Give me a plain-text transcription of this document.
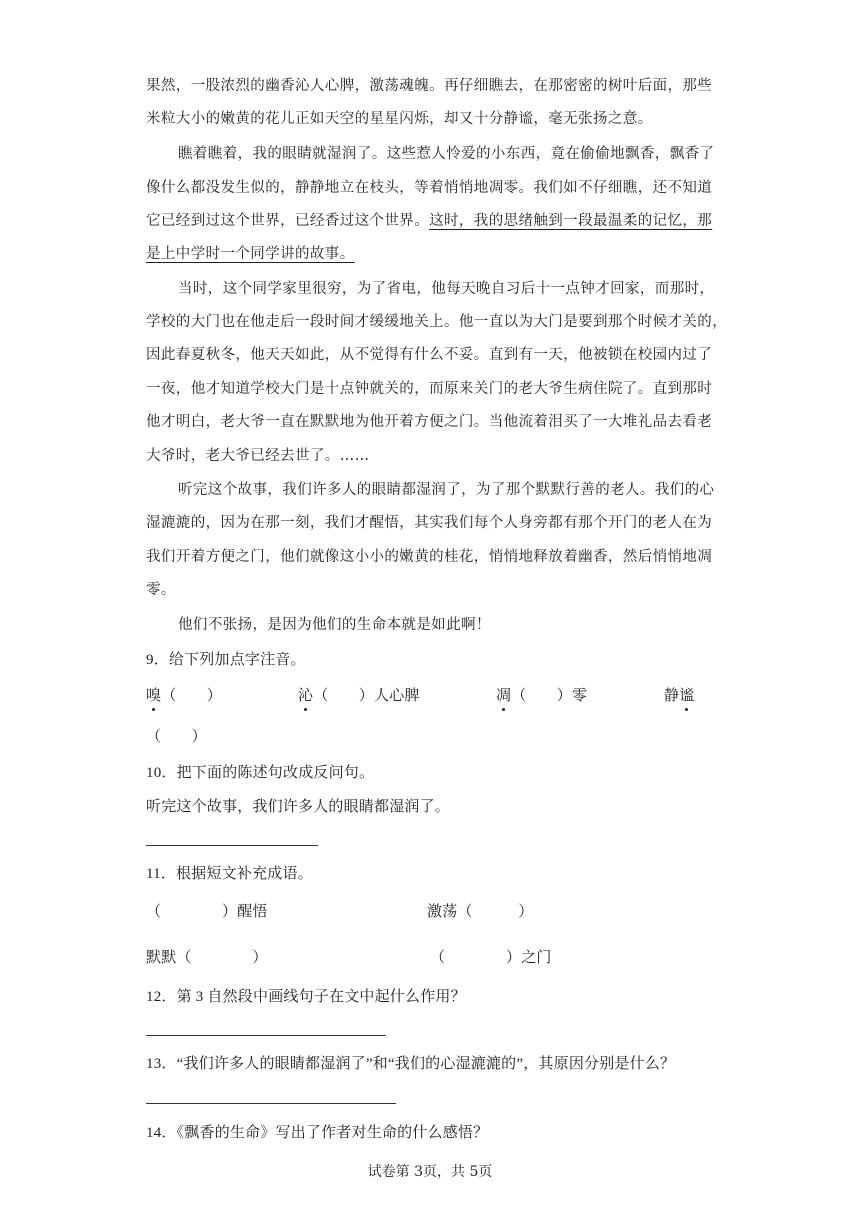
果然，一股浓烈的幽香沁人心脾，激荡魂魄。再仔细瞧去，在那密密的树叶后面，那些
米粒大小的嫩黄的花儿正如天空的星星闪烁，却又十分静谧，毫无张扬之意。
瞧着瞧着，我的眼睛就湿润了。这些惹人怜爱的小东西，竟在偷偷地飘香，飘香了
像什么都没发生似的，静静地立在枝头，等着悄悄地凋零。我们如不仔细瞧，还不知道
它已经到过这个世界，已经香过这个世界。这时，我的思绪触到一段最温柔的记忆，那
是上中学时一个同学讲的故事。
当时，这个同学家里很穷，为了省电，他每天晚自习后十一点钟才回家，而那时，
学校的大门也在他走后一段时间才缓缓地关上。他一直以为大门是要到那个时候才关的，
因此春夏秋冬，他天天如此，从不觉得有什么不妥。直到有一天，他被锁在校园内过了
一夜，他才知道学校大门是十点钟就关的，而原来关门的老大爷生病住院了。直到那时
他才明白，老大爷一直在默默地为他开着方便之门。当他流着泪买了一大堆礼品去看老
大爷时，老大爷已经去世了。……
听完这个故事，我们许多人的眼睛都湿润了，为了那个默默行善的老人。我们的心
湿漉漉的，因为在那一刻，我们才醒悟，其实我们每个人身旁都有那个开门的老人在为
我们开着方便之门，他们就像这小小的嫩黄的桂花，悄悄地释放着幽香，然后悄悄地凋
零。
他们不张扬，是因为他们的生命本就是如此啊！
9．给下列加点字注音。
嗅（　　）	沁（　　）人心脾	凋（　　）零	静谧
（　　）
10．把下面的陈述句改成反问句。
听完这个故事，我们许多人的眼睛都湿润了。
11．根据短文补充成语。
（　　　　）醒悟	激荡（　　　）
默默（　　　　）	（　　　　）之门
12．第 3 自然段中画线句子在文中起什么作用？
13．“我们许多人的眼睛都湿润了”和“我们的心湿漉漉的”，其原因分别是什么？
14．《飘香的生命》写出了作者对生命的什么感悟？
试卷第 3页，共 5页
